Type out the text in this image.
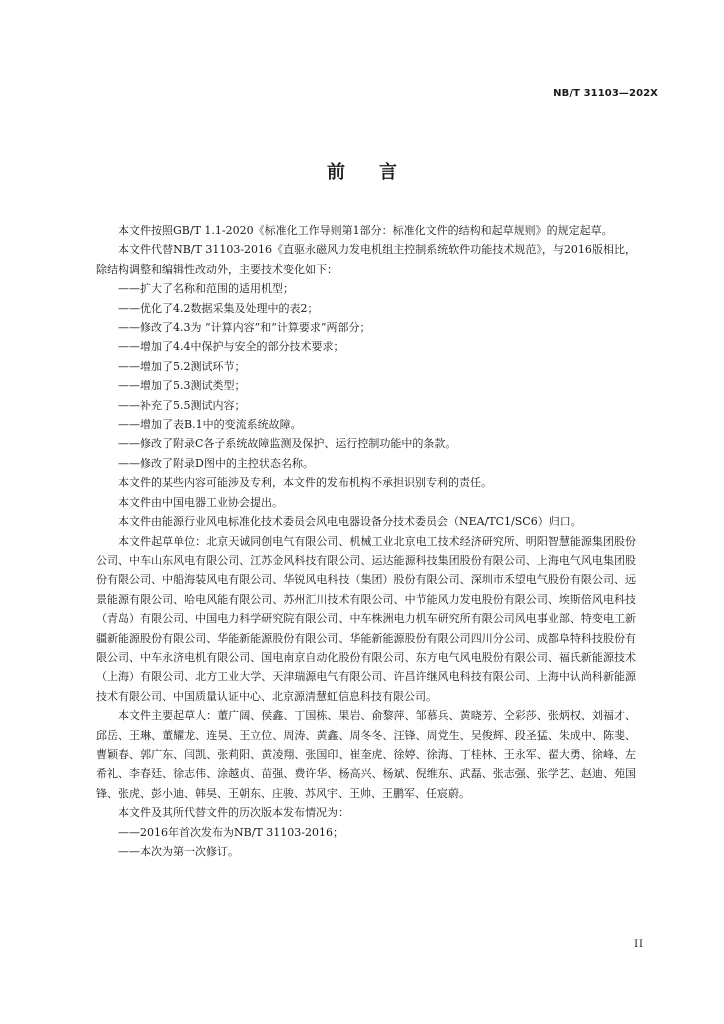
NB/T 31103—202X
前言

本文件按照GB/T 1.1-2020《标准化工作导则第1部分：标准化文件的结构和起草规则》的规定起草。

本文件代替NB/T 31103-2016《直驱永磁风力发电机组主控制系统软件功能技术规范》，与2016版相比，除结构调整和编辑性改动外，主要技术变化如下：

——扩大了名称和范围的适用机型；

——优化了4.2数据采集及处理中的表2；

——修改了4.3为 “计算内容”和“计算要求”两部分；

——增加了4.4中保护与安全的部分技术要求；

——增加了5.2测试环节；

——增加了5.3测试类型；

——补充了5.5测试内容；

——增加了表B.1中的变流系统故障。

——修改了附录C各子系统故障监测及保护、运行控制功能中的条款。

——修改了附录D图中的主控状态名称。

本文件的某些内容可能涉及专利，本文件的发布机构不承担识别专利的责任。

本文件由中国电器工业协会提出。

本文件由能源行业风电标准化技术委员会风电电器设备分技术委员会（NEA/TC1/SC6）归口。

本文件起草单位：北京天诚同创电气有限公司、机械工业北京电工技术经济研究所、明阳智慧能源集团股份公司、中车山东风电有限公司、江苏金风科技有限公司、运达能源科技集团股份有限公司、上海电气风电集团股份有限公司、中船海装风电有限公司、华锐风电科技（集团）股份有限公司、深圳市禾望电气股份有限公司、远景能源有限公司、哈电风能有限公司、苏州汇川技术有限公司、中节能风力发电股份有限公司、埃斯倍风电科技（青岛）有限公司、中国电力科学研究院有限公司、中车株洲电力机车研究所有限公司风电事业部、特变电工新疆新能源股份有限公司、华能新能源股份有限公司、华能新能源股份有限公司四川分公司、成都阜特科技股份有限公司、中车永济电机有限公司、国电南京自动化股份有限公司、东方电气风电股份有限公司、福氏新能源技术（上海）有限公司、北方工业大学、天津瑞源电气有限公司、许昌许继风电科技有限公司、上海中认尚科新能源技术有限公司、中国质量认证中心、北京源清慧虹信息科技有限公司。

本文件主要起草人：董广阔、侯鑫、丁国栋、果岩、俞黎萍、邹慕兵、黄晓芳、仝彩莎、张炳权、刘福才、邱岳、王琳、董耀龙、连昊、王立位、周涛、黄鑫、周冬冬、汪锋、周党生、吴俊辉、段圣猛、朱成中、陈斐、曹颖春、郭广东、闫凯、张莉阳、黄凌翔、张国印、崔奎虎、徐婷、徐海、丁桂林、王永军、翟大勇、徐峰、左希礼、李春廷、徐志伟、涂越贞、苗强、费许华、杨高兴、杨斌、倪维东、武磊、张志强、张学艺、赵迪、苑国锋、张虎、彭小迪、韩昊、王朝东、庄骏、苏风宇、王帅、王鹏军、任宸蔚。

本文件及其所代替文件的历次版本发布情况为：

——2016年首次发布为NB/T 31103-2016；

——本次为第一次修订。

II
